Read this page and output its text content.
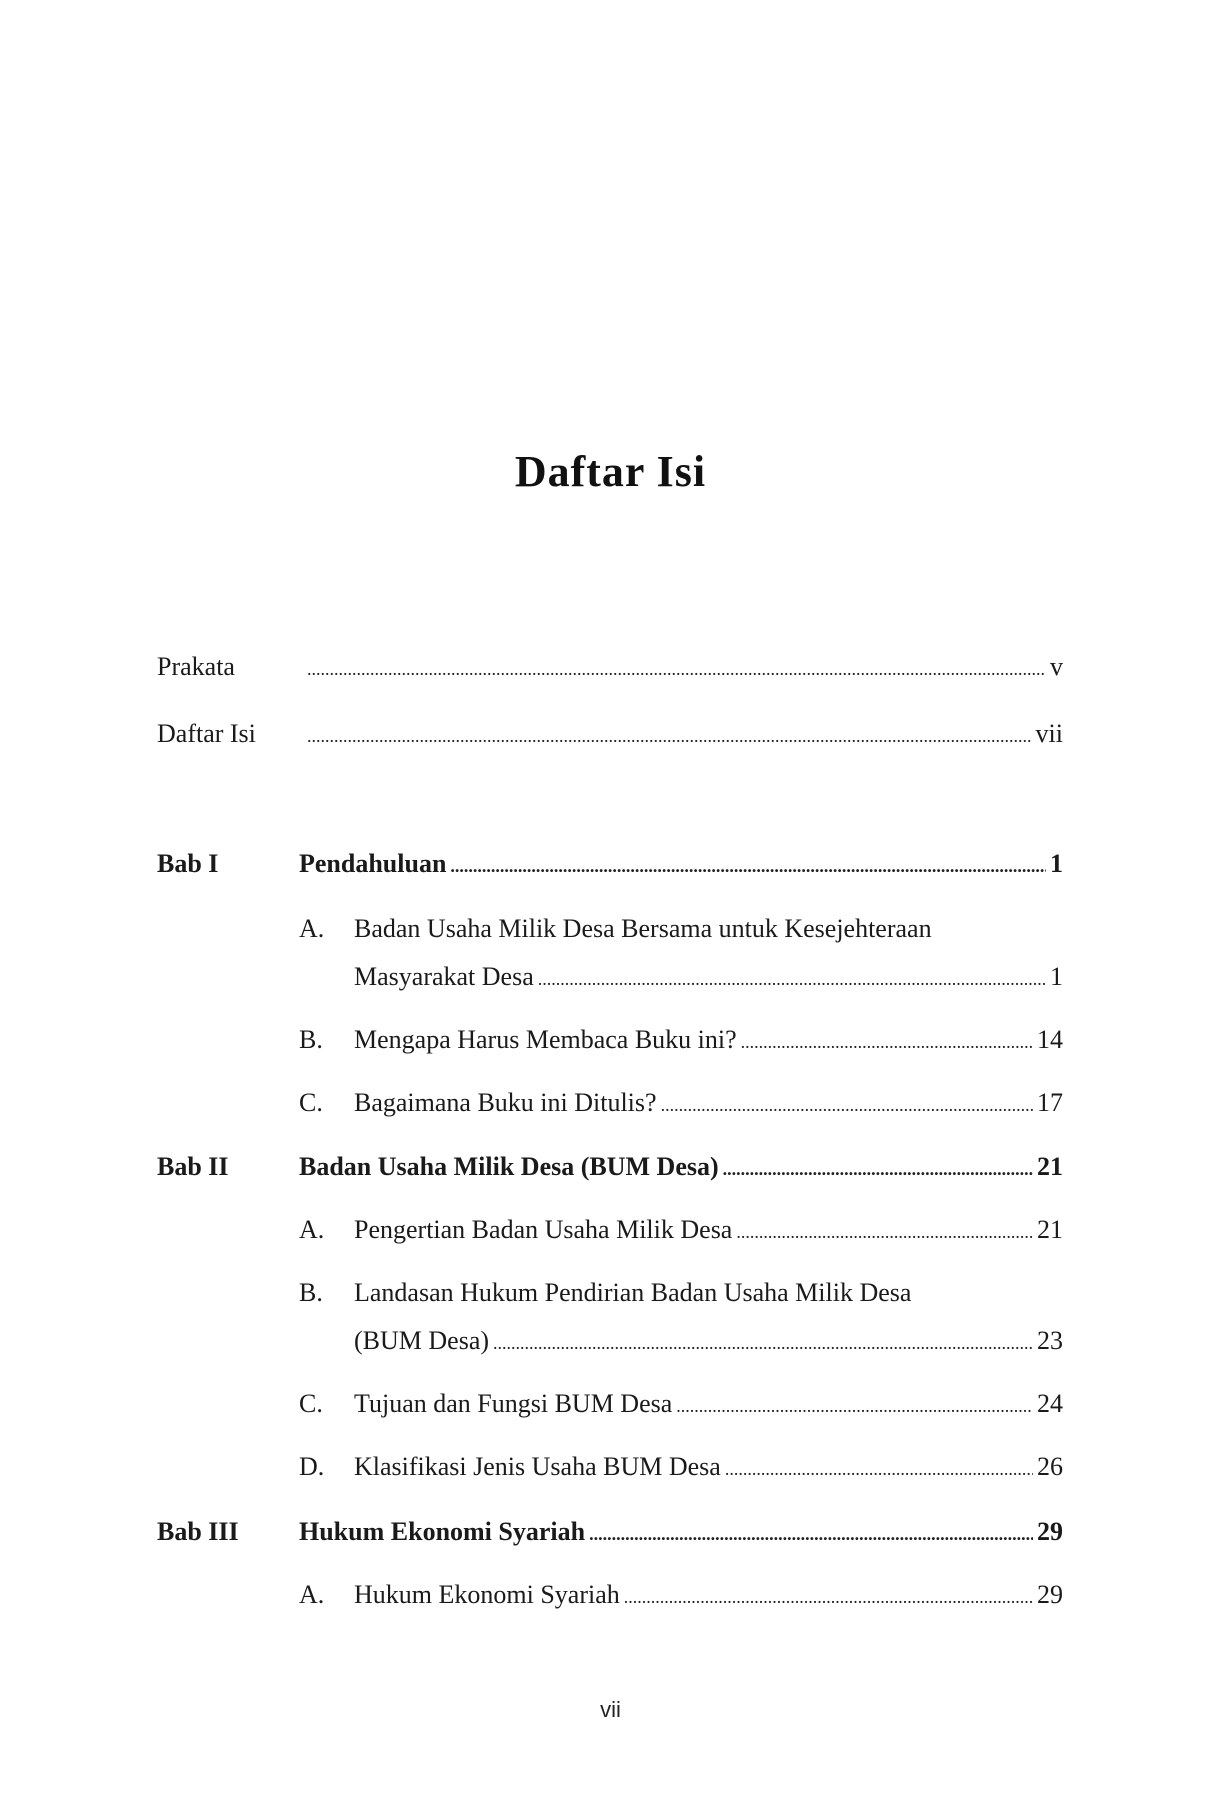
Daftar Isi
Prakata .....	v
Daftar Isi .....	vii
Bab I	Pendahuluan .....	1
A. Badan Usaha Milik Desa Bersama untuk Kesejehteraan
Masyarakat Desa .....	1
B. Mengapa Harus Membaca Buku ini? .....	14
C. Bagaimana Buku ini Ditulis? .....	17
Bab II	Badan Usaha Milik Desa (BUM Desa) .....	21
A. Pengertian Badan Usaha Milik Desa .....	21
B. Landasan Hukum Pendirian Badan Usaha Milik Desa
(BUM Desa) .....	23
C. Tujuan dan Fungsi BUM Desa .....	24
D. Klasifikasi Jenis Usaha BUM Desa .....	26
Bab III Hukum Ekonomi Syariah .....	29
A. Hukum Ekonomi Syariah .....	29
vii
